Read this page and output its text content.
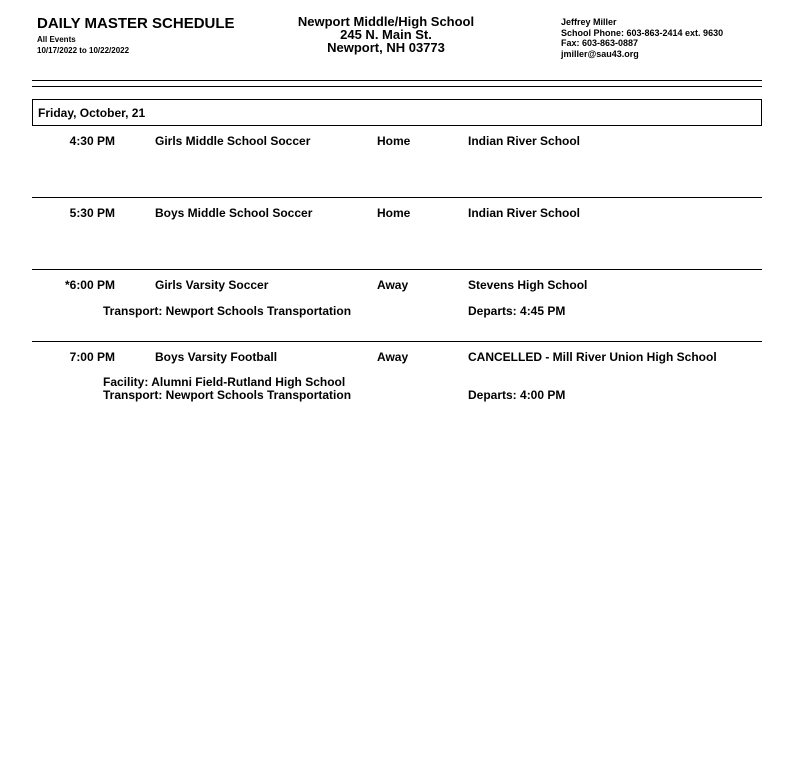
DAILY MASTER SCHEDULE
All Events
10/17/2022 to 10/22/2022
Newport Middle/High School
245 N. Main St.
Newport, NH 03773
Jeffrey Miller
School Phone: 603-863-2414 ext. 9630
Fax: 603-863-0887
jmiller@sau43.org
Friday, October, 21
4:30 PM	Girls Middle School Soccer	Home	Indian River School
5:30 PM	Boys Middle School Soccer	Home	Indian River School
*6:00 PM	Girls Varsity Soccer	Away	Stevens High School
Transport: Newport Schools Transportation	Departs: 4:45 PM
7:00 PM	Boys Varsity Football	Away	CANCELLED - Mill River Union High School
Facility: Alumni Field-Rutland High School
Transport: Newport Schools Transportation	Departs: 4:00 PM
